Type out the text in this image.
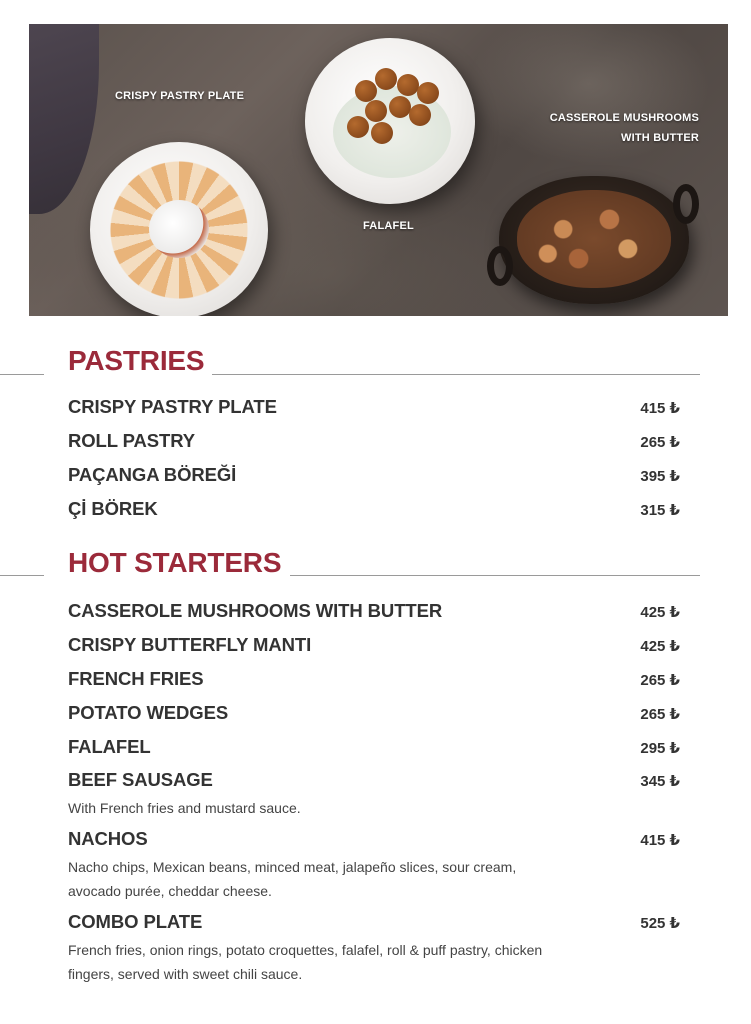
CRISPY PASTRY PLATE
FALAFEL
CASSEROLE MUSHROOMS
WITH BUTTER
PASTRIES
CRISPY PASTRY PLATE	415 ₺
ROLL PASTRY	265 ₺
PAÇANGA BÖREĞİ	395 ₺
Çİ BÖREK	315 ₺
HOT STARTERS
CASSEROLE MUSHROOMS WITH BUTTER	425 ₺
CRISPY BUTTERFLY MANTI	425 ₺
FRENCH FRIES	265 ₺
POTATO WEDGES	265 ₺
FALAFEL	295 ₺
BEEF SAUSAGE	345 ₺
With French fries and mustard sauce.
NACHOS	415 ₺
Nacho chips, Mexican beans, minced meat, jalapeño slices, sour cream, avocado purée, cheddar cheese.
COMBO PLATE	525 ₺
French fries, onion rings, potato croquettes, falafel, roll & puff pastry, chicken fingers, served with sweet chili sauce.
